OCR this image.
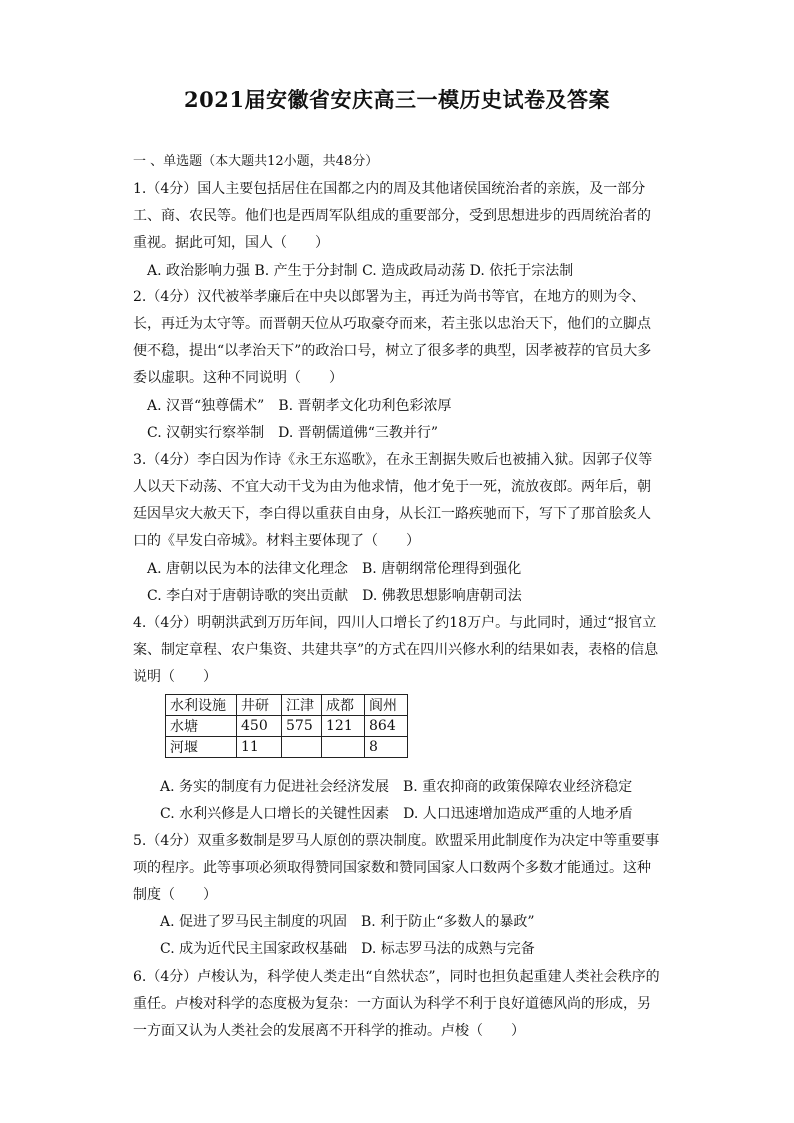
2021届安徽省安庆高三一模历史试卷及答案
一 、单选题（本大题共12小题，共48分）
1.（4分）国人主要包括居住在国都之内的周及其他诸侯国统治者的亲族，及一部分
工、商、农民等。他们也是西周军队组成的重要部分，受到思想进步的西周统治者的
重视。据此可知，国人（　　）
A. 政治影响力强 B. 产生于分封制 C. 造成政局动荡 D. 依托于宗法制
2.（4分）汉代被举孝廉后在中央以郎署为主，再迁为尚书等官，在地方的则为令、
长，再迁为太守等。而晋朝天位从巧取豪夺而来，若主张以忠治天下，他们的立脚点
便不稳，提出“以孝治天下”的政治口号，树立了很多孝的典型，因孝被荐的官员大多
委以虚职。这种不同说明（　　）
A. 汉晋“独尊儒术”　B. 晋朝孝文化功利色彩浓厚
C. 汉朝实行察举制　D. 晋朝儒道佛“三教并行”
3.（4分）李白因为作诗《永王东巡歌》，在永王割据失败后也被捕入狱。因郭子仪等
人以天下动荡、不宜大动干戈为由为他求情，他才免于一死，流放夜郎。两年后，朝
廷因旱灾大赦天下，李白得以重获自由身，从长江一路疾驰而下，写下了那首脍炙人
口的《早发白帝城》。材料主要体现了（　　）
A. 唐朝以民为本的法律文化理念　B. 唐朝纲常伦理得到强化
C. 李白对于唐朝诗歌的突出贡献　D. 佛教思想影响唐朝司法
4.（4分）明朝洪武到万历年间，四川人口增长了约18万户。与此同时，通过“报官立
案、制定章程、农户集资、共建共享”的方式在四川兴修水利的结果如表，表格的信息
说明（　　）
水利设施	井研	江津	成都	阆州
水塘	450	575	121	864
河堰	11			8
A. 务实的制度有力促进社会经济发展　B. 重农抑商的政策保障农业经济稳定
C. 水利兴修是人口增长的关键性因素　D. 人口迅速增加造成严重的人地矛盾
5.（4分）双重多数制是罗马人原创的票决制度。欧盟采用此制度作为决定中等重要事
项的程序。此等事项必须取得赞同国家数和赞同国家人口数两个多数才能通过。这种
制度（　　）
A. 促进了罗马民主制度的巩固　B. 利于防止“多数人的暴政”
C. 成为近代民主国家政权基础　D. 标志罗马法的成熟与完备
6.（4分）卢梭认为，科学使人类走出“自然状态”，同时也担负起重建人类社会秩序的
重任。卢梭对科学的态度极为复杂：一方面认为科学不利于良好道德风尚的形成，另
一方面又认为人类社会的发展离不开科学的推动。卢梭（　　）
